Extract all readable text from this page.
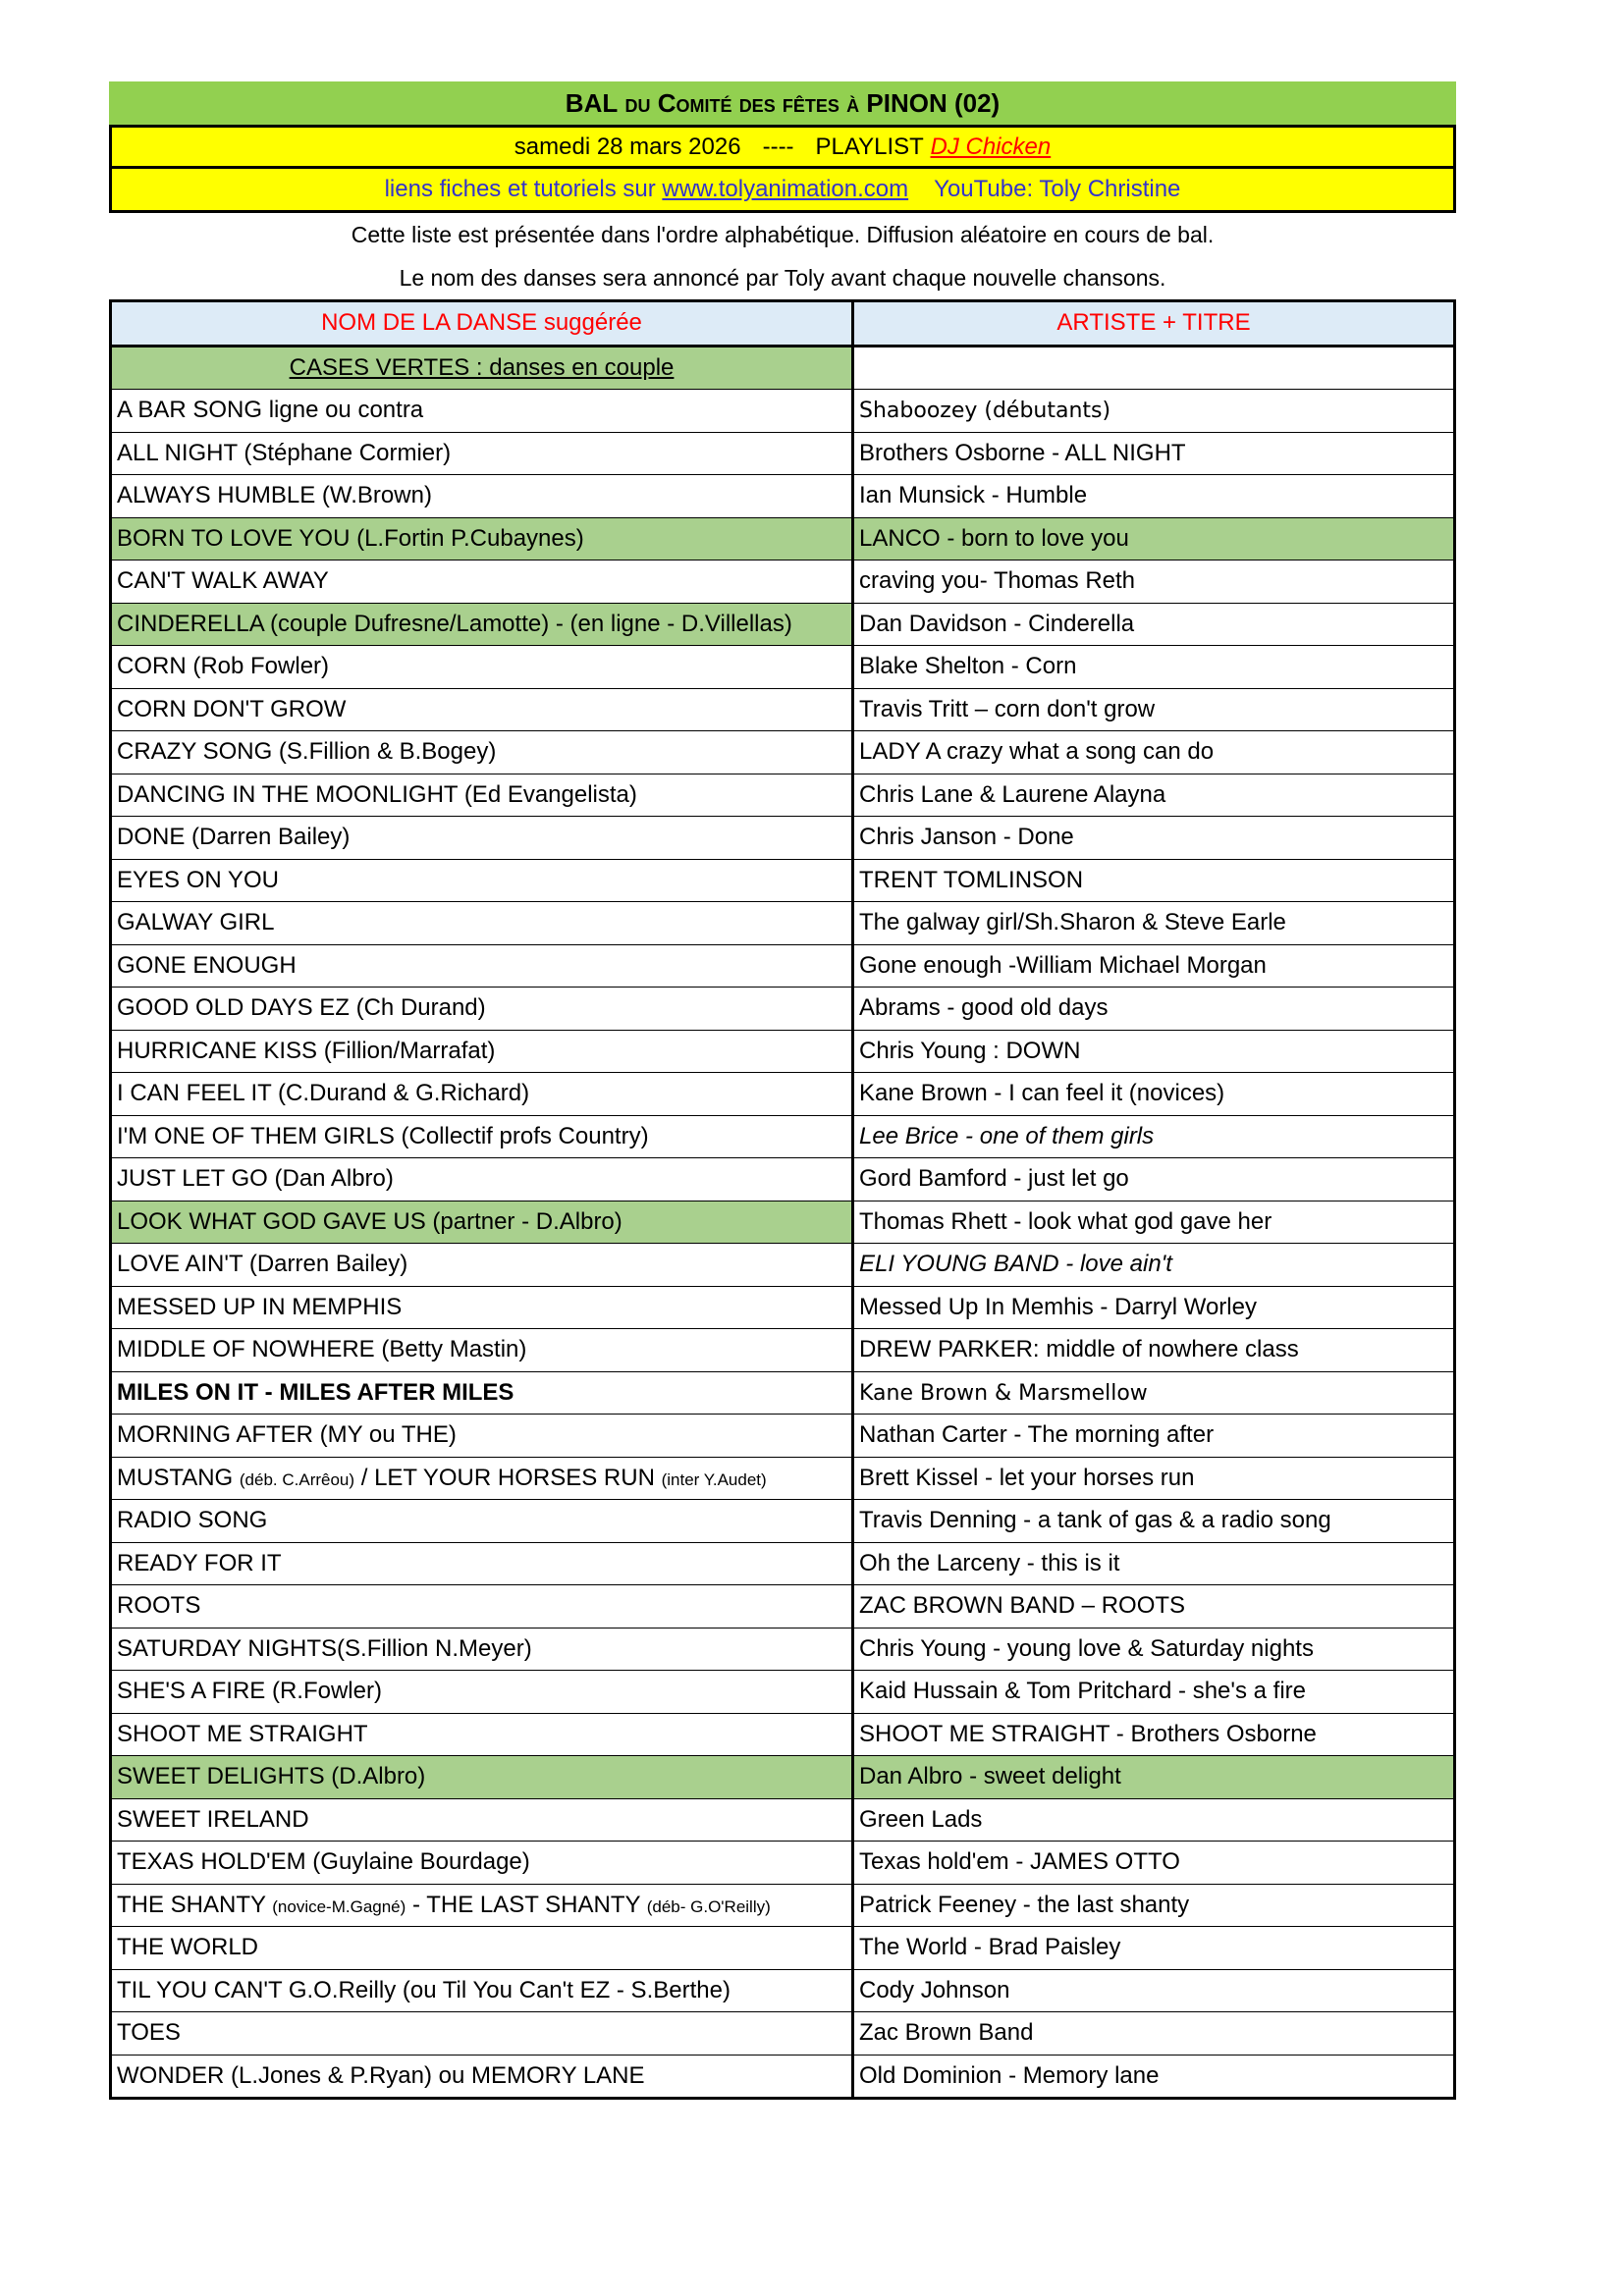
BAL
du Comité des fêtes à
PINON (02)
samedi 28 mars 2026 ---- PLAYLIST
DJ Chicken
liens fiches et tutoriels sur
www.tolyanimation.com YouTube: Toly Christine
Cette liste est présentée dans l'ordre alphabétique. Diffusion aléatoire en cours de bal.
Le nom des danses sera annoncé par Toly avant chaque nouvelle chansons.
NOM DE LA DANSE suggérée	ARTISTE + TITRE
CASES VERTES : danses en couple	
A BAR SONG ligne ou contra	Shaboozey (débutants)
ALL NIGHT (Stéphane Cormier)	Brothers Osborne - ALL NIGHT
ALWAYS HUMBLE (W.Brown)	Ian Munsick - Humble
BORN TO LOVE YOU (L.Fortin P.Cubaynes)	LANCO - born to love you
CAN'T WALK AWAY	craving you- Thomas Reth
CINDERELLA (couple Dufresne/Lamotte) - (en ligne - D.Villellas)	Dan Davidson - Cinderella
CORN (Rob Fowler)	Blake Shelton - Corn
CORN DON'T GROW	Travis Tritt – corn don't grow
CRAZY SONG (S.Fillion & B.Bogey)	LADY A crazy what a song can do
DANCING IN THE MOONLIGHT (Ed Evangelista)	Chris Lane & Laurene Alayna
DONE (Darren Bailey)	Chris Janson - Done
EYES ON YOU	TRENT TOMLINSON
GALWAY GIRL	The galway girl/Sh.Sharon & Steve Earle
GONE ENOUGH	Gone enough -William Michael Morgan
GOOD OLD DAYS EZ (Ch Durand)	Abrams - good old days
HURRICANE KISS (Fillion/Marrafat)	Chris Young : DOWN
I CAN FEEL IT (C.Durand & G.Richard)	Kane Brown - I can feel it (novices)
I'M ONE OF THEM GIRLS (Collectif profs Country)	Lee Brice - one of them girls
JUST LET GO (Dan Albro)	Gord Bamford - just let go
LOOK WHAT GOD GAVE US (partner - D.Albro)	Thomas Rhett - look what god gave her
LOVE AIN'T (Darren Bailey)	ELI YOUNG BAND - love ain't
MESSED UP IN MEMPHIS	Messed Up In Memhis - Darryl Worley
MIDDLE OF NOWHERE (Betty Mastin)	DREW PARKER: middle of nowhere class
MILES ON IT - MILES AFTER MILES	Kane Brown & Marsmellow
MORNING AFTER (MY ou THE)	Nathan Carter - The morning after
MUSTANG (déb. C.Arrêou) / LET YOUR HORSES RUN (inter Y.Audet)	Brett Kissel - let your horses run
RADIO SONG	Travis Denning - a tank of gas & a radio song
READY FOR IT	Oh the Larceny - this is it
ROOTS	ZAC BROWN BAND – ROOTS
SATURDAY NIGHTS(S.Fillion N.Meyer)	Chris Young - young love & Saturday nights
SHE'S A FIRE (R.Fowler)	Kaid Hussain & Tom Pritchard - she's a fire
SHOOT ME STRAIGHT	SHOOT ME STRAIGHT - Brothers Osborne
SWEET DELIGHTS (D.Albro)	Dan Albro - sweet delight
SWEET IRELAND	Green Lads
TEXAS HOLD'EM (Guylaine Bourdage)	Texas hold'em - JAMES OTTO
THE SHANTY (novice-M.Gagné) - THE LAST SHANTY (déb- G.O'Reilly)	Patrick Feeney - the last shanty
THE WORLD	The World - Brad Paisley
TIL YOU CAN'T G.O.Reilly (ou Til You Can't EZ - S.Berthe)	Cody Johnson
TOES	Zac Brown Band
WONDER (L.Jones & P.Ryan) ou MEMORY LANE	Old Dominion - Memory lane
